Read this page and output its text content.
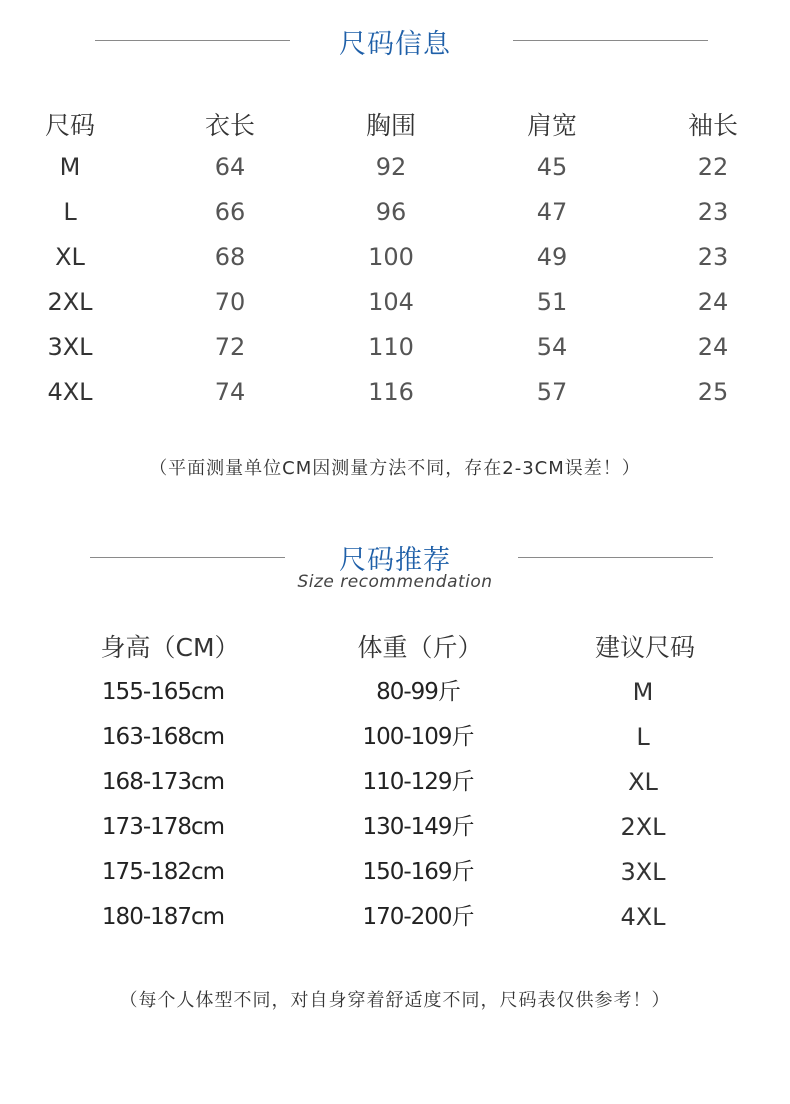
尺码信息
尺码	衣长	胸围	肩宽	袖长
M	64	92	45	22
L	66	96	47	23
XL	68	100	49	23
2XL	70	104	51	24
3XL	72	110	54	24
4XL	74	116	57	25
（平面测量单位CM因测量方法不同，存在2-3CM误差！）
尺码推荐
Size recommendation
身高（CM）	体重（斤）	建议尺码
155-165cm	80-99斤	M
163-168cm	100-109斤	L
168-173cm	110-129斤	XL
173-178cm	130-149斤	2XL
175-182cm	150-169斤	3XL
180-187cm	170-200斤	4XL
（每个人体型不同，对自身穿着舒适度不同，尺码表仅供参考！）
